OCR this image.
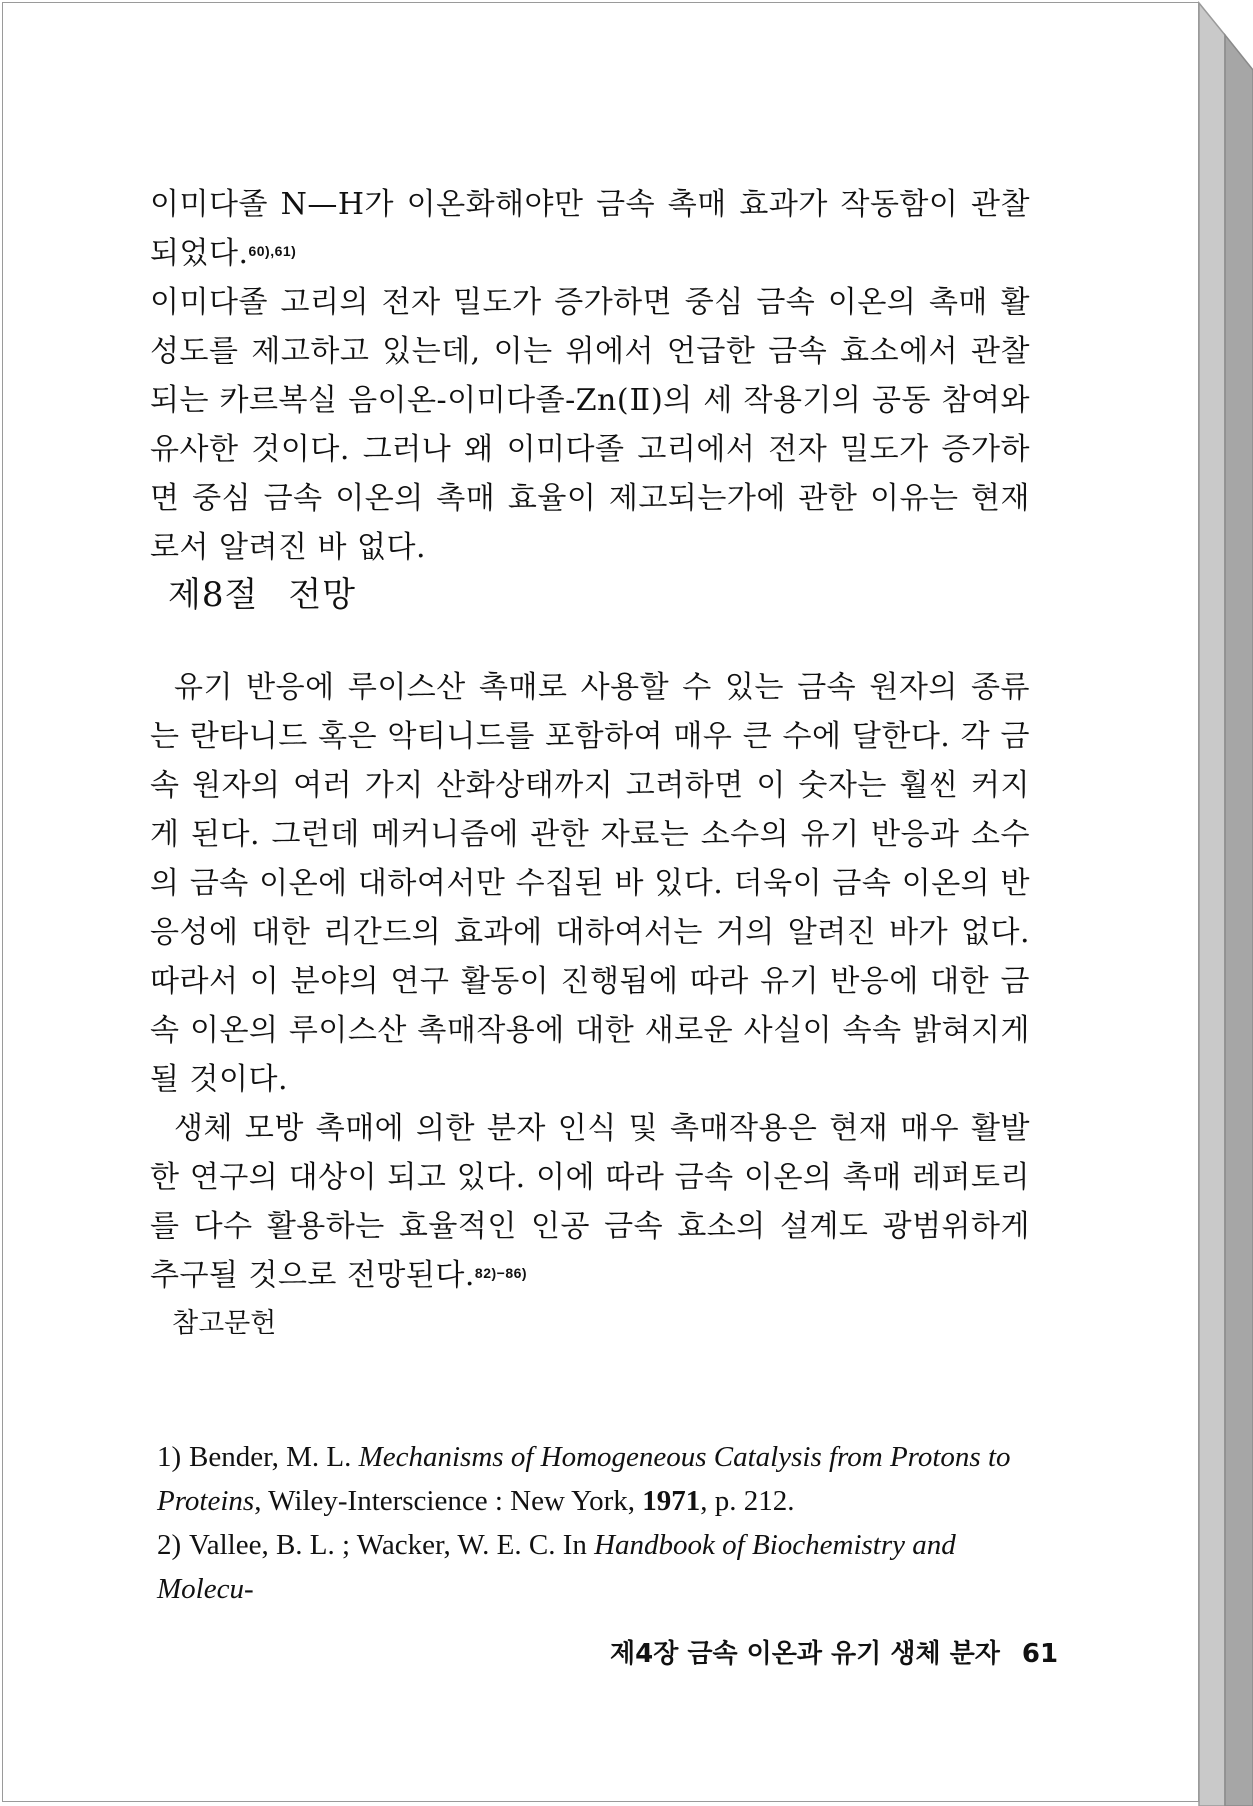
이미다졸 N—H가 이온화해야만 금속 촉매 효과가 작동함이 관찰되었다.$^{60),61)}$

이미다졸 고리의 전자 밀도가 증가하면 중심 금속 이온의 촉매 활성도를 제고하고 있는데, 이는 위에서 언급한 금속 효소에서 관찰되는 카르복실 음이온-이미다졸-Zn(Ⅱ)의 세 작용기의 공동 참여와 유사한 것이다. 그러나 왜 이미다졸 고리에서 전자 밀도가 증가하면 중심 금속 이온의 촉매 효율이 제고되는가에 관한 이유는 현재로서 알려진 바 없다.

제8절 전망

유기 반응에 루이스산 촉매로 사용할 수 있는 금속 원자의 종류는 란타니드 혹은 악티니드를 포함하여 매우 큰 수에 달한다. 각 금속 원자의 여러 가지 산화상태까지 고려하면 이 숫자는 훨씬 커지게 된다. 그런데 메커니즘에 관한 자료는 소수의 유기 반응과 소수의 금속 이온에 대하여서만 수집된 바 있다. 더욱이 금속 이온의 반응성에 대한 리간드의 효과에 대하여서는 거의 알려진 바가 없다. 따라서 이 분야의 연구 활동이 진행됨에 따라 유기 반응에 대한 금속 이온의 루이스산 촉매작용에 대한 새로운 사실이 속속 밝혀지게 될 것이다.

생체 모방 촉매에 의한 분자 인식 및 촉매작용은 현재 매우 활발한 연구의 대상이 되고 있다. 이에 따라 금속 이온의 촉매 레퍼토리를 다수 활용하는 효율적인 인공 금속 효소의 설계도 광범위하게 추구될 것으로 전망된다.$^{82)-86)}$

참고문헌

1) Bender, M. L. Mechanisms of Homogeneous Catalysis from Protons to Proteins, Wiley-Interscience : New York, 1971, p. 212.

2) Vallee, B. L. ; Wacker, W. E. C. In Handbook of Biochemistry and Molecu-

제4장 금속 이온과 유기 생체 분자 61
